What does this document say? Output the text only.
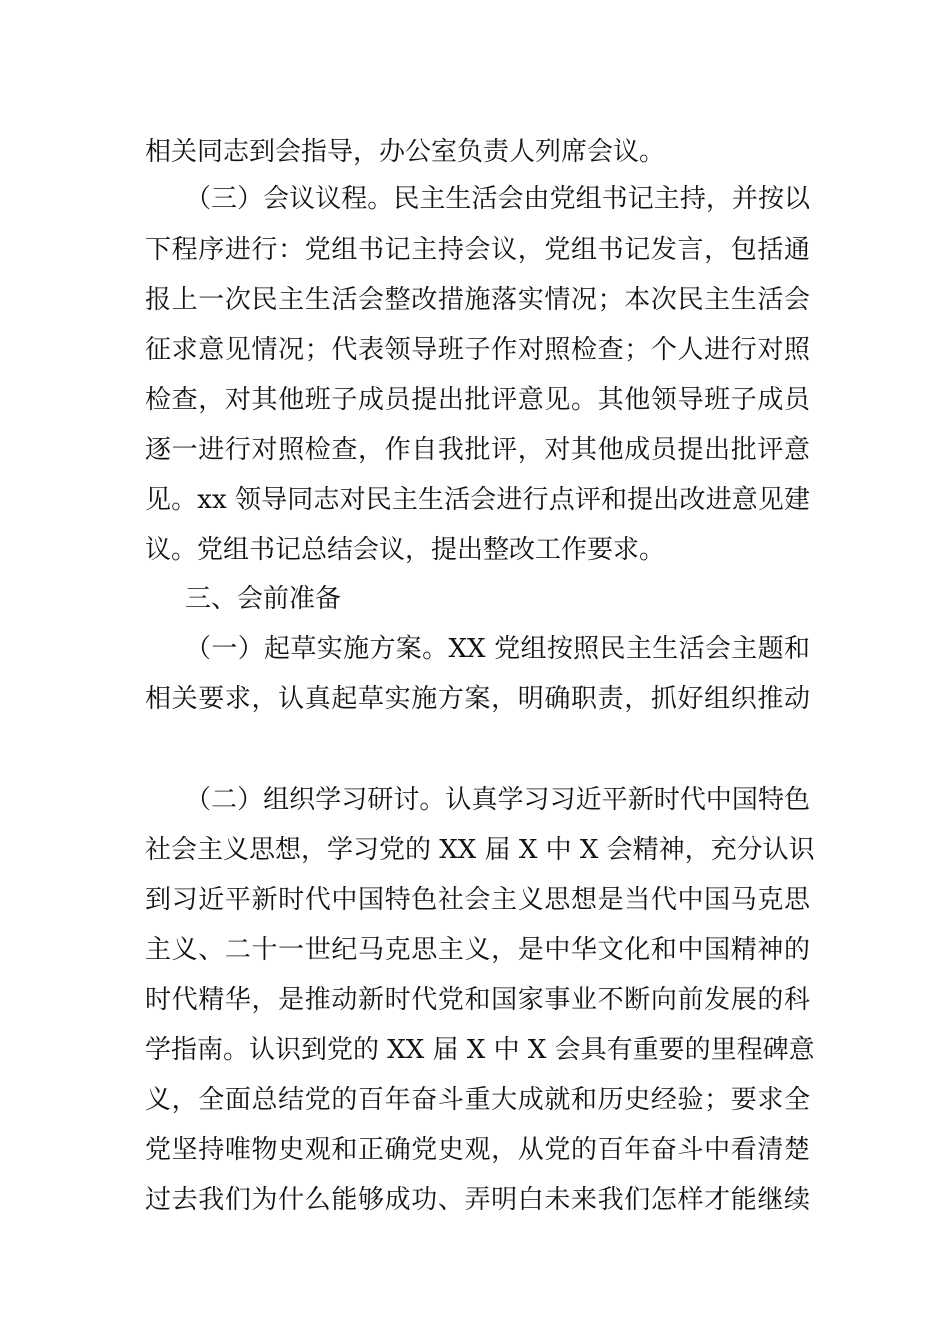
相关同志到会指导，办公室负责人列席会议。

（三）会议议程。民主生活会由党组书记主持，并按以

下程序进行：党组书记主持会议，党组书记发言，包括通

报上一次民主生活会整改措施落实情况；本次民主生活会

征求意见情况；代表领导班子作对照检查；个人进行对照

检查，对其他班子成员提出批评意见。其他领导班子成员

逐一进行对照检查，作自我批评，对其他成员提出批评意

见。xx 领导同志对民主生活会进行点评和提出改进意见建

议。党组书记总结会议，提出整改工作要求。

三、会前准备

（一）起草实施方案。XX 党组按照民主生活会主题和

相关要求，认真起草实施方案，明确职责，抓好组织推动

（二）组织学习研讨。认真学习习近平新时代中国特色

社会主义思想，学习党的 XX 届 X 中 X 会精神，充分认识

到习近平新时代中国特色社会主义思想是当代中国马克思

主义、二十一世纪马克思主义，是中华文化和中国精神的

时代精华，是推动新时代党和国家事业不断向前发展的科

学指南。认识到党的 XX 届 X 中 X 会具有重要的里程碑意

义，全面总结党的百年奋斗重大成就和历史经验；要求全

党坚持唯物史观和正确党史观，从党的百年奋斗中看清楚

过去我们为什么能够成功、弄明白未来我们怎样才能继续
